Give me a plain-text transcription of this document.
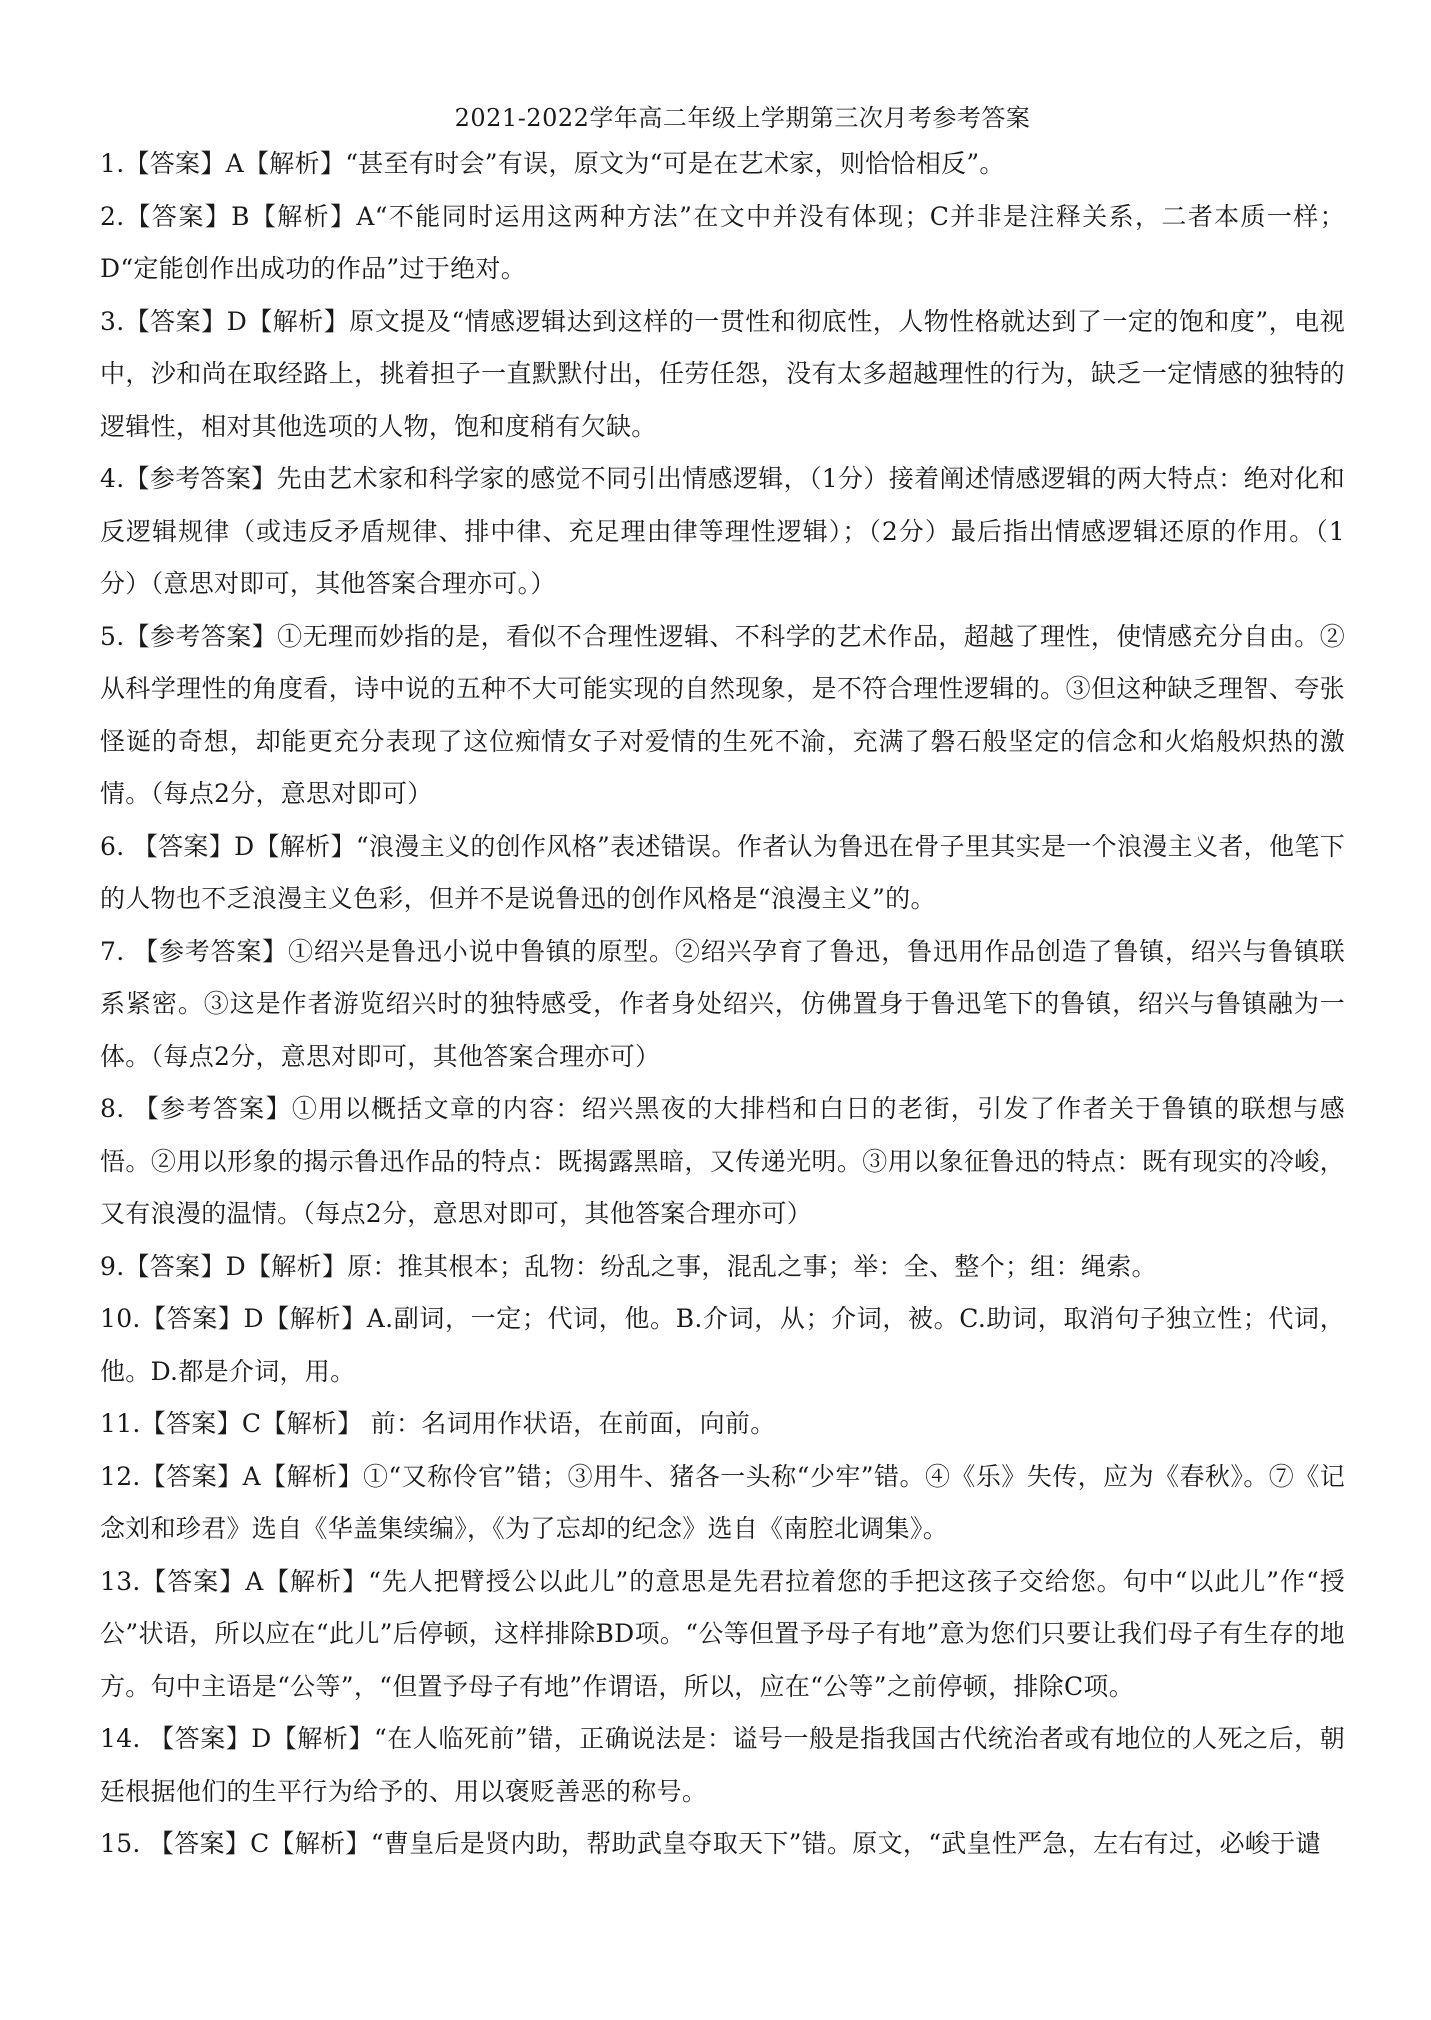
2021-2022学年高二年级上学期第三次月考参考答案

1.【答案】A【解析】“甚至有时会”有误，原文为“可是在艺术家，则恰恰相反”。

2.【答案】B【解析】A“不能同时运用这两种方法”在文中并没有体现；C并非是注释关系，二者本质一样；D“定能创作出成功的作品”过于绝对。

3.【答案】D【解析】原文提及“情感逻辑达到这样的一贯性和彻底性，人物性格就达到了一定的饱和度”，电视中，沙和尚在取经路上，挑着担子一直默默付出，任劳任怨，没有太多超越理性的行为，缺乏一定情感的独特的逻辑性，相对其他选项的人物，饱和度稍有欠缺。

4.【参考答案】先由艺术家和科学家的感觉不同引出情感逻辑，（1分）接着阐述情感逻辑的两大特点：绝对化和反逻辑规律（或违反矛盾规律、排中律、充足理由律等理性逻辑）；（2分）最后指出情感逻辑还原的作用。（1分）（意思对即可，其他答案合理亦可。）

5.【参考答案】①无理而妙指的是，看似不合理性逻辑、不科学的艺术作品，超越了理性，使情感充分自由。②从科学理性的角度看，诗中说的五种不大可能实现的自然现象，是不符合理性逻辑的。③但这种缺乏理智、夸张怪诞的奇想，却能更充分表现了这位痴情女子对爱情的生死不渝，充满了磐石般坚定的信念和火焰般炽热的激情。（每点2分，意思对即可）

6. 【答案】D【解析】“浪漫主义的创作风格”表述错误。作者认为鲁迅在骨子里其实是一个浪漫主义者，他笔下的人物也不乏浪漫主义色彩，但并不是说鲁迅的创作风格是“浪漫主义”的。

7. 【参考答案】①绍兴是鲁迅小说中鲁镇的原型。②绍兴孕育了鲁迅，鲁迅用作品创造了鲁镇，绍兴与鲁镇联系紧密。③这是作者游览绍兴时的独特感受，作者身处绍兴，仿佛置身于鲁迅笔下的鲁镇，绍兴与鲁镇融为一体。（每点2分，意思对即可，其他答案合理亦可）

8. 【参考答案】①用以概括文章的内容：绍兴黑夜的大排档和白日的老街，引发了作者关于鲁镇的联想与感悟。②用以形象的揭示鲁迅作品的特点：既揭露黑暗，又传递光明。③用以象征鲁迅的特点：既有现实的冷峻，又有浪漫的温情。（每点2分，意思对即可，其他答案合理亦可）

9.【答案】D【解析】原：推其根本；乱物：纷乱之事，混乱之事；举：全、整个；组：绳索。

10.【答案】D【解析】A.副词，一定；代词，他。B.介词，从；介词，被。C.助词，取消句子独立性；代词，他。D.都是介词，用。

11.【答案】C【解析】 前：名词用作状语，在前面，向前。

12.【答案】A【解析】①“又称伶官”错；③用牛、猪各一头称“少牢”错。④《乐》失传，应为《春秋》。⑦《记念刘和珍君》选自《华盖集续编》，《为了忘却的纪念》选自《南腔北调集》。

13.【答案】A【解析】“先人把臂授公以此儿”的意思是先君拉着您的手把这孩子交给您。句中“以此儿”作“授公”状语，所以应在“此儿”后停顿，这样排除BD项。“公等但置予母子有地”意为您们只要让我们母子有生存的地方。句中主语是“公等”，“但置予母子有地”作谓语，所以，应在“公等”之前停顿，排除C项。

14. 【答案】D【解析】“在人临死前”错，正确说法是：谥号一般是指我国古代统治者或有地位的人死之后，朝廷根据他们的生平行为给予的、用以褒贬善恶的称号。

15. 【答案】C【解析】“曹皇后是贤内助，帮助武皇夺取天下”错。原文，“武皇性严急，左右有过，必峻于谴
